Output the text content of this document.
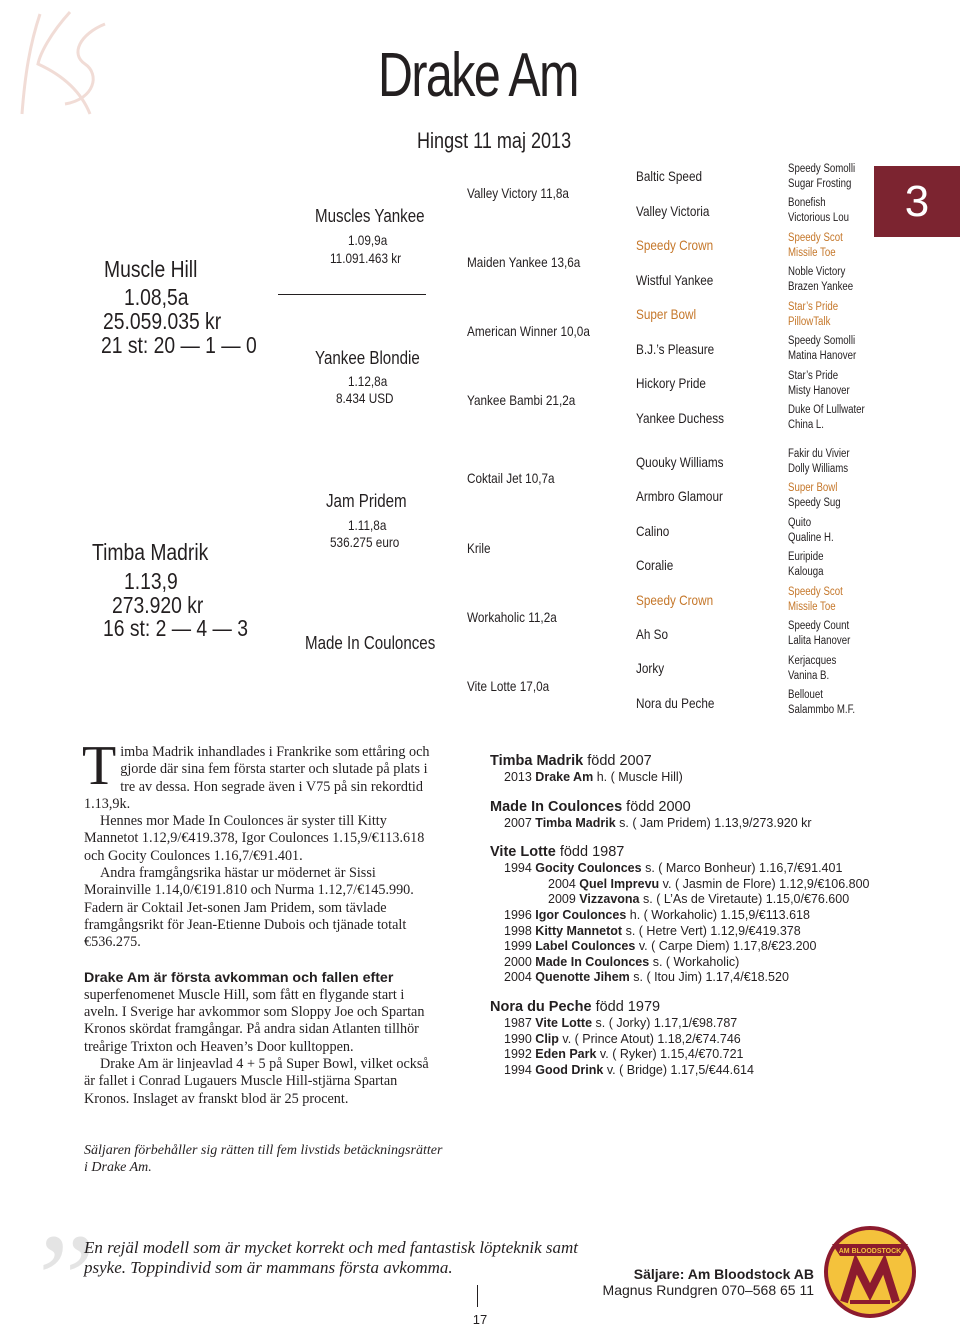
3
Drake Am
Hingst 11 maj 2013
Muscle Hill
1.08,5a
25.059.035 kr
21 st: 20 — 1 — 0
Muscles Yankee
1.09,9a
11.091.463 kr
Yankee Blondie
1.12,8a
8.434 USD
Valley Victory 11,8a
Maiden Yankee 13,6a
American Winner 10,0a
Yankee Bambi 21,2a
Baltic Speed
Valley Victoria
Speedy Crown
Wistful Yankee
Super Bowl
B.J.’s Pleasure
Hickory Pride
Yankee Duchess
Speedy Somolli
Sugar Frosting
Bonefish
Victorious Lou
Speedy Scot
Missile Toe
Noble Victory
Brazen Yankee
Star’s Pride
PillowTalk
Speedy Somolli
Matina Hanover
Star’s Pride
Misty Hanover
Duke Of Lullwater
China L.
Timba Madrik
1.13,9
273.920 kr
16 st: 2 — 4 — 3
Jam Pridem
1.11,8a
536.275 euro
Made In Coulonces
Coktail Jet 10,7a
Krile
Workaholic 11,2a
Vite Lotte 17,0a
Quouky Williams
Armbro Glamour
Calino
Coralie
Speedy Crown
Ah So
Jorky
Nora du Peche
Fakir du Vivier
Dolly Williams
Super Bowl
Speedy Sug
Quito
Qualine H.
Euripide
Kalouga
Speedy Scot
Missile Toe
Speedy Count
Lalita Hanover
Kerjacques
Vanina B.
Bellouet
Salammbo M.F.

Timba Madrik inhandlades i Frankrike som ettåring och gjorde där sina fem första starter och slutade på plats i tre av dessa. Hon segrade även i V75 på sin rekordtid 1.13,9k.

Hennes mor Made In Coulonces är syster till Kitty Mannetot 1.12,9/€419.378, Igor Coulonces 1.15,9/€113.618 och Gocity Coulonces 1.16,7/€91.401.

Andra framgångsrika hästar ur mödernet är Sissi Morainville 1.14,0/€191.810 och Nurma 1.12,7/€145.990.

Fadern är Coktail Jet-sonen Jam Pridem, som tävlade framgångsrikt för Jean-Etienne Dubois och tjänade totalt €536.275.

Drake Am är första avkomman och fallen efter
superfenomenet Muscle Hill, som fått en flygande start i aveln. I Sverige har avkommor som Sloppy Joe och Spartan Kronos skördat framgångar. På andra sidan Atlanten tillhör treårige Trixton och Heaven’s Door kulltoppen.

Drake Am är linjeavlad 4 + 5 på Super Bowl, vilket också är fallet i Conrad Lugauers Muscle Hill-stjärna Spartan Kronos. Inslaget av franskt blod är 25 procent.

Säljaren förbehåller sig rätten till fem livstids betäckningsrätter i Drake Am.
”
En rejäl modell som är mycket korrekt och med fantastisk löpteknik samt psyke. Toppindivid som är mammans första avkomma.
Timba Madrik född 2007
2013 Drake Am h. ( Muscle Hill)
Made In Coulonces född 2000
2007 Timba Madrik s. ( Jam Pridem) 1.13,9/273.920 kr
Vite Lotte född 1987
1994 Gocity Coulonces s. ( Marco Bonheur) 1.16,7/€91.401
2004 Quel Imprevu v. ( Jasmin de Flore) 1.12,9/€106.800
2009 Vizzavona s. ( L’As de Viretaute) 1.15,0/€76.600
1996 Igor Coulonces h. ( Workaholic) 1.15,9/€113.618
1998 Kitty Mannetot s. ( Hetre Vert) 1.12,9/€419.378
1999 Label Coulonces v. ( Carpe Diem) 1.17,8/€23.200
2000 Made In Coulonces s. ( Workaholic)
2004 Quenotte Jihem s. ( Itou Jim) 1.17,4/€18.520
Nora du Peche född 1979
1987 Vite Lotte s. ( Jorky) 1.17,1/€98.787
1990 Clip v. ( Prince Atout) 1.18,2/€74.746
1992 Eden Park v. ( Ryker) 1.15,4/€70.721
1994 Good Drink v. ( Bridge) 1.17,5/€44.614
Säljare: Am Bloodstock AB
Magnus Rundgren 070–568 65 11
AM BLOODSTOCK
17
